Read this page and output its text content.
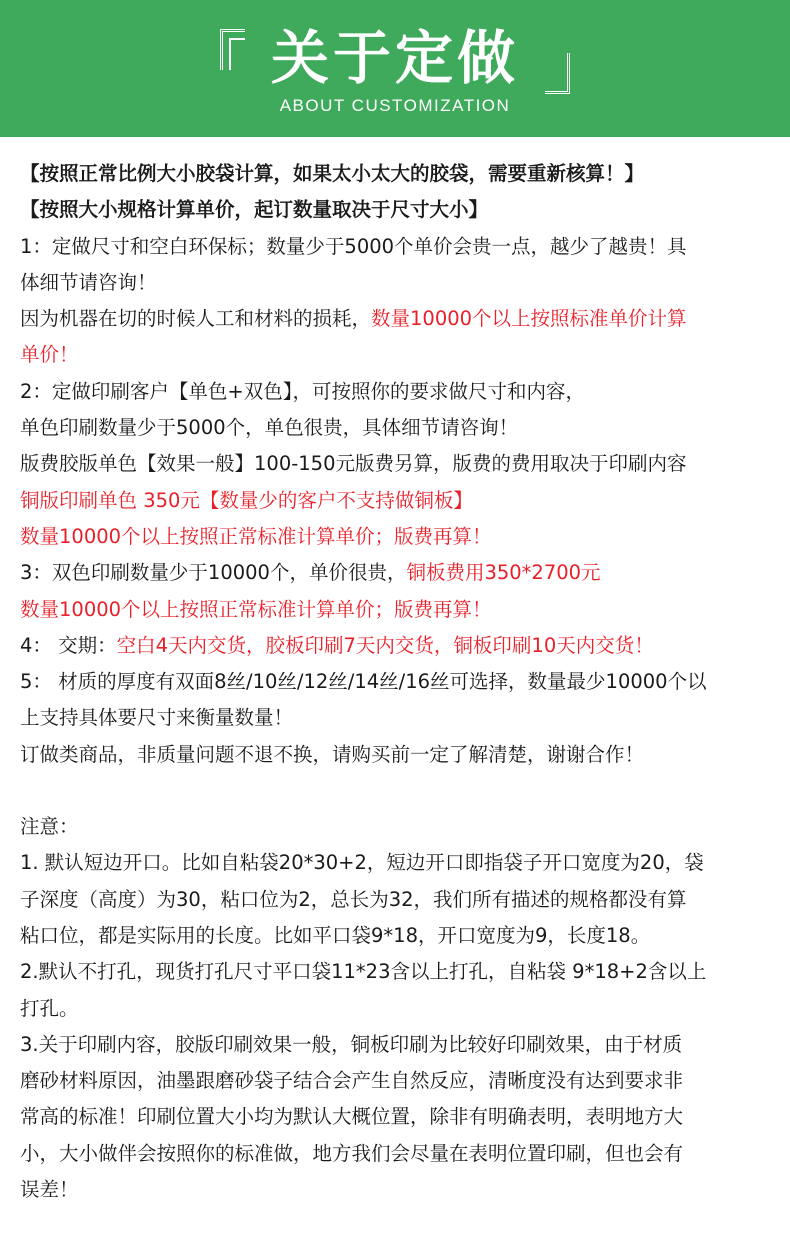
关于定做
ABOUT CUSTOMIZATION
【按照正常比例大小胶袋计算，如果太小太大的胶袋，需要重新核算！】
【按照大小规格计算单价，起订数量取决于尺寸大小】
1：定做尺寸和空白环保标；数量少于5000个单价会贵一点，越少了越贵！具
体细节请咨询！
因为机器在切的时候人工和材料的损耗，数量10000个以上按照标准单价计算
单价！
2：定做印刷客户【单色+双色】，可按照你的要求做尺寸和内容，
单色印刷数量少于5000个，单色很贵，具体细节请咨询！
版费胶版单色【效果一般】100-150元版费另算，版费的费用取决于印刷内容
铜版印刷单色 350元【数量少的客户不支持做铜板】
数量10000个以上按照正常标准计算单价；版费再算！
3：双色印刷数量少于10000个，单价很贵，铜板费用350*2700元
数量10000个以上按照正常标准计算单价；版费再算！
4： 交期：空白4天内交货，胶板印刷7天内交货，铜板印刷10天内交货！
5： 材质的厚度有双面8丝/10丝/12丝/14丝/16丝可选择，数量最少10000个以
上支持具体要尺寸来衡量数量！
订做类商品，非质量问题不退不换，请购买前一定了解清楚，谢谢合作！
注意：
1. 默认短边开口。比如自粘袋20*30+2，短边开口即指袋子开口宽度为20，袋
子深度（高度）为30，粘口位为2，总长为32，我们所有描述的规格都没有算
粘口位，都是实际用的长度。比如平口袋9*18，开口宽度为9，长度18。
2.默认不打孔，现货打孔尺寸平口袋11*23含以上打孔，自粘袋 9*18+2含以上
打孔。
3.关于印刷内容，胶版印刷效果一般，铜板印刷为比较好印刷效果，由于材质
磨砂材料原因，油墨跟磨砂袋子结合会产生自然反应，清晰度没有达到要求非
常高的标准！印刷位置大小均为默认大概位置，除非有明确表明，表明地方大
小，大小做伴会按照你的标准做，地方我们会尽量在表明位置印刷，但也会有
误差！
